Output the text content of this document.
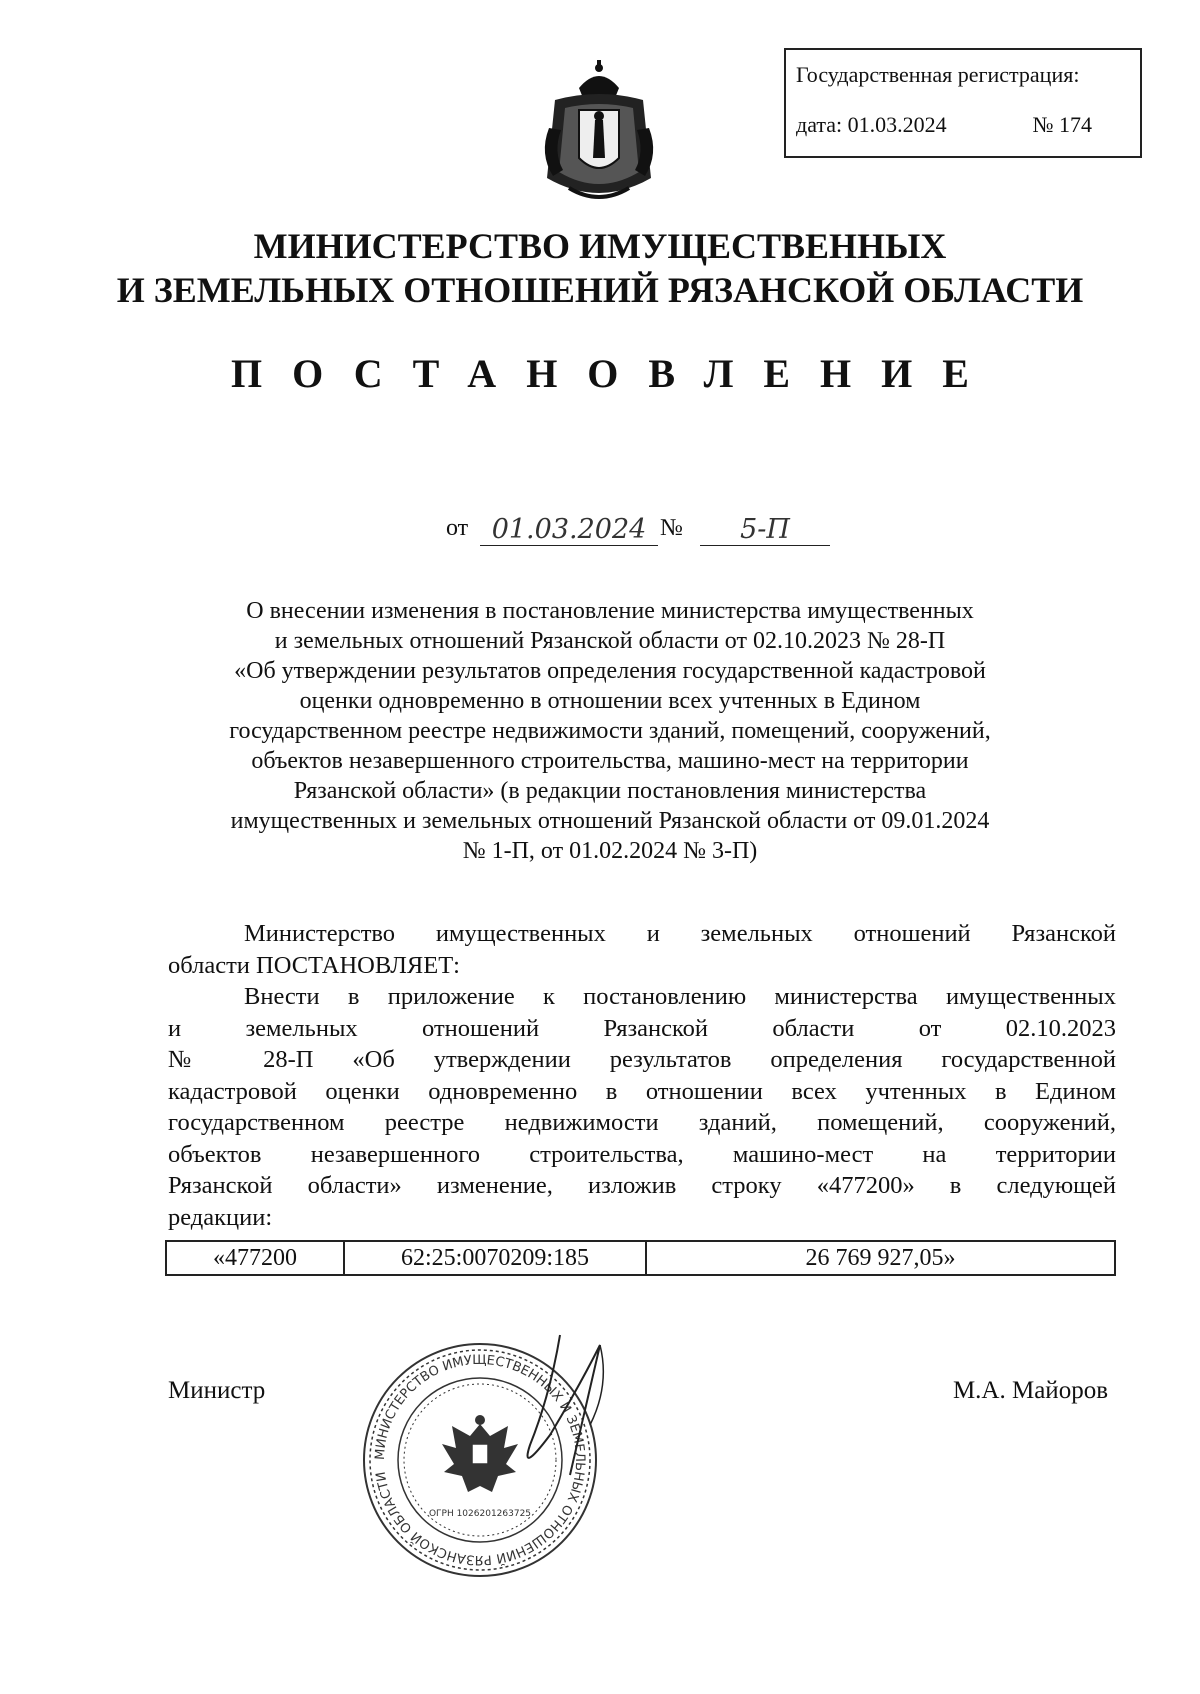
Государственная регистрация:
дата: 01.03.2024	№ 174
МИНИСТЕРСТВО ИМУЩЕСТВЕННЫХ
И ЗЕМЕЛЬНЫХ ОТНОШЕНИЙ РЯЗАНСКОЙ ОБЛАСТИ
ПОСТАНОВЛЕНИЕ
от 01.03.2024 №	5-П
О внесении изменения в постановление министерства имущественных
и земельных отношений Рязанской области от 02.10.2023 № 28-П
«Об утверждении результатов определения государственной кадастровой
оценки одновременно в отношении всех учтенных в Едином
государственном реестре недвижимости зданий, помещений, сооружений,
объектов незавершенного строительства, машино-мест на территории
Рязанской области» (в редакции постановления министерства
имущественных и земельных отношений Рязанской области от 09.01.2024
№ 1-П, от 01.02.2024 № 3-П)
Министерство имущественных и земельных отношений Рязанской
области ПОСТАНОВЛЯЕТ:
Внести в приложение к постановлению министерства имущественных
и земельных отношений Рязанской области от 02.10.2023
№ 28-П «Об утверждении результатов определения государственной
кадастровой оценки одновременно в отношении всех учтенных в Едином
государственном реестре недвижимости зданий, помещений, сооружений,
объектов незавершенного строительства, машино-мест на территории
Рязанской области» изменение, изложив строку «477200» в следующей
редакции:
«477200	62:25:0070209:185	26 769 927,05»
МИНИСТЕРСТВО ИМУЩЕСТВЕННЫХ И ЗЕМЕЛЬНЫХ ОТНОШЕНИЙ РЯЗАНСКОЙ ОБЛАСТИ
ОГРН 1026201263725
Министр	М.А. Майоров
